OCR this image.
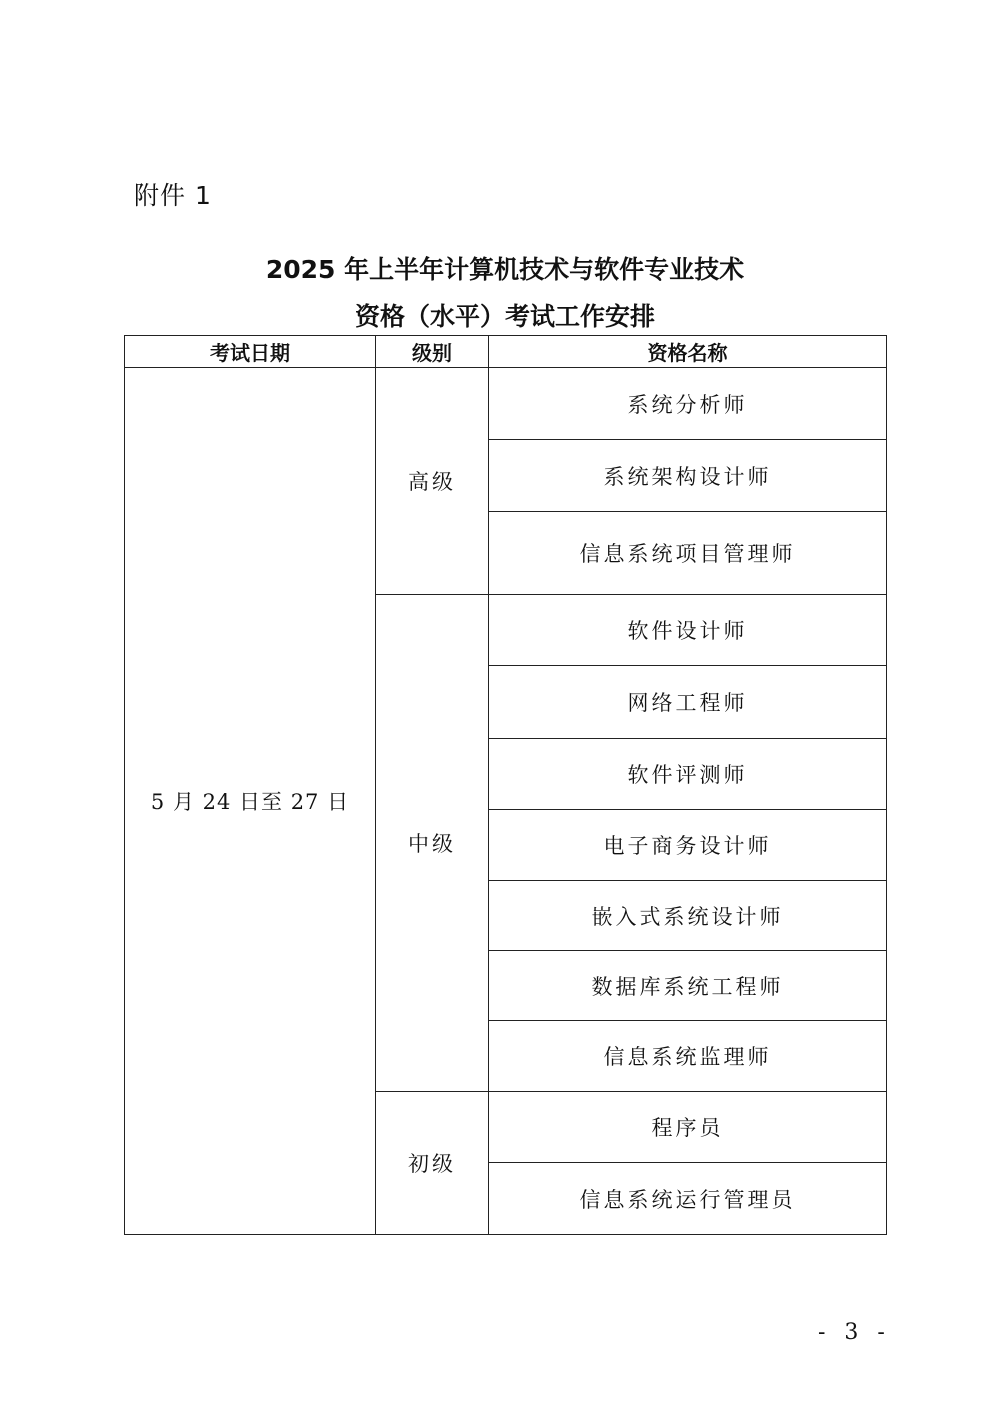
附件 1
2025 年上半年计算机技术与软件专业技术
资格（水平）考试工作安排
考试日期	级别	资格名称
5 月 24 日至 27 日	高级	系统分析师
		系统架构设计师
		信息系统项目管理师
	中级	软件设计师
		网络工程师
		软件评测师
		电子商务设计师
		嵌入式系统设计师
		数据库系统工程师
		信息系统监理师
	初级	程序员
		信息系统运行管理员
- 3 -
